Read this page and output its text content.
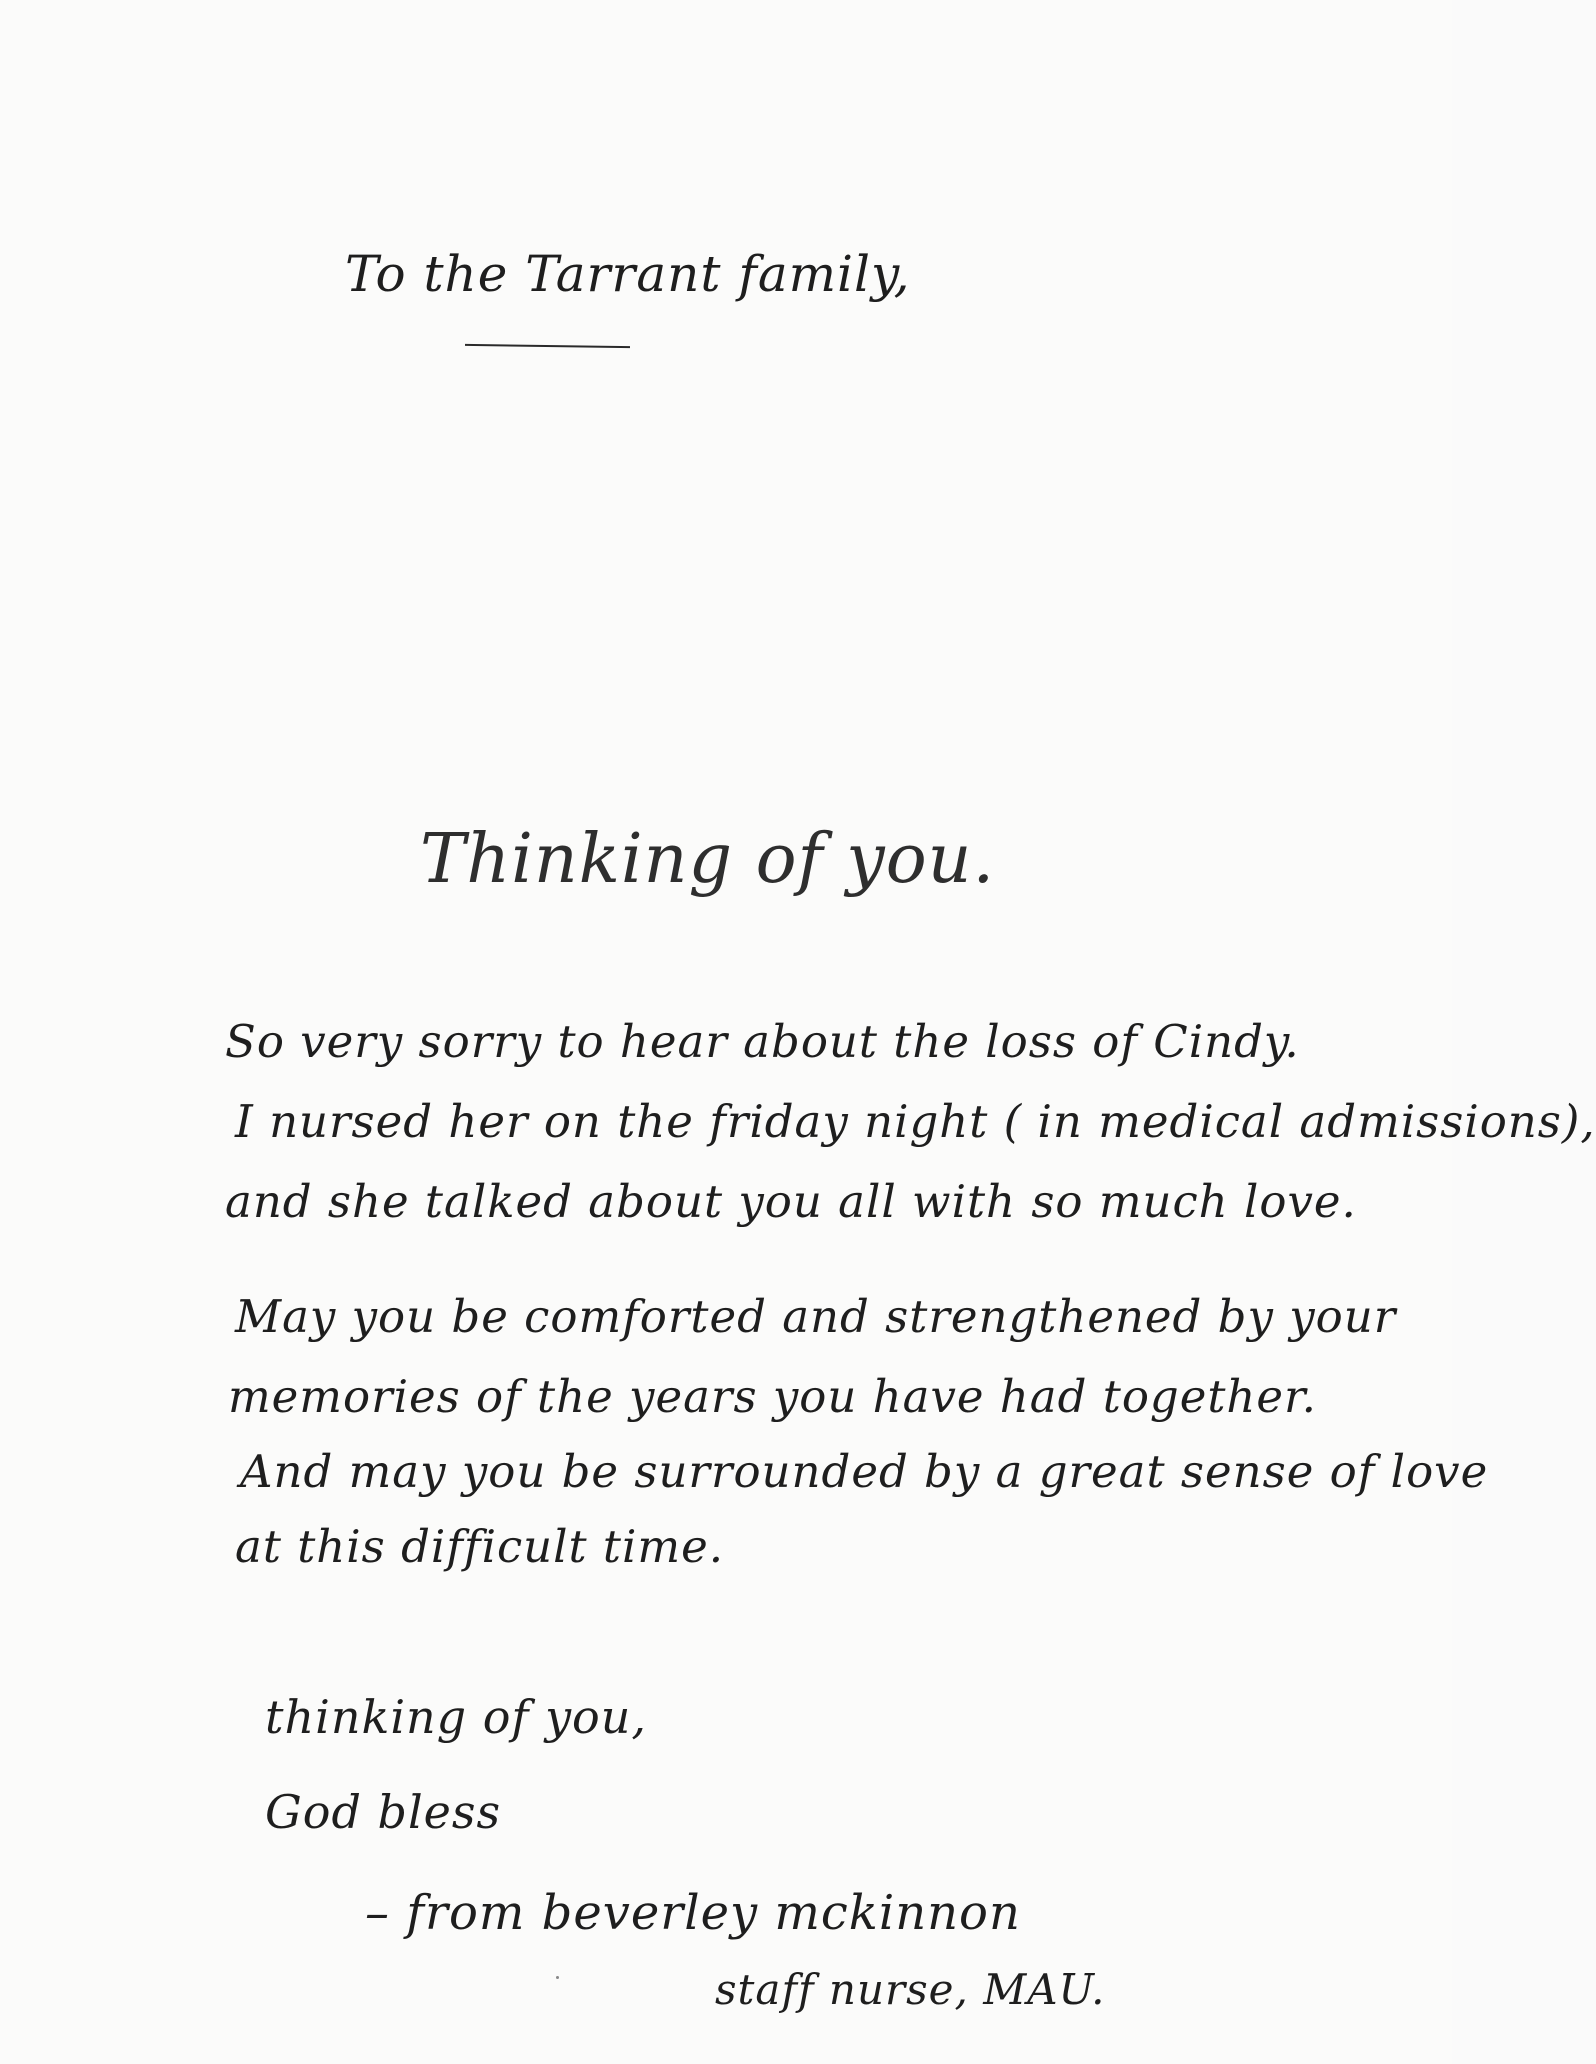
To the Tarrant family,
Thinking of you.
So very sorry to hear about the loss of Cindy.
I nursed her on the friday night ( in medical admissions),
and she talked about you all with so much love.
May you be comforted and strengthened by your
memories of the years you have had together.
And may you be surrounded by a great sense of love
at this difficult time.
thinking of you,
God bless
– from beverley mckinnon
staff nurse, MAU.
